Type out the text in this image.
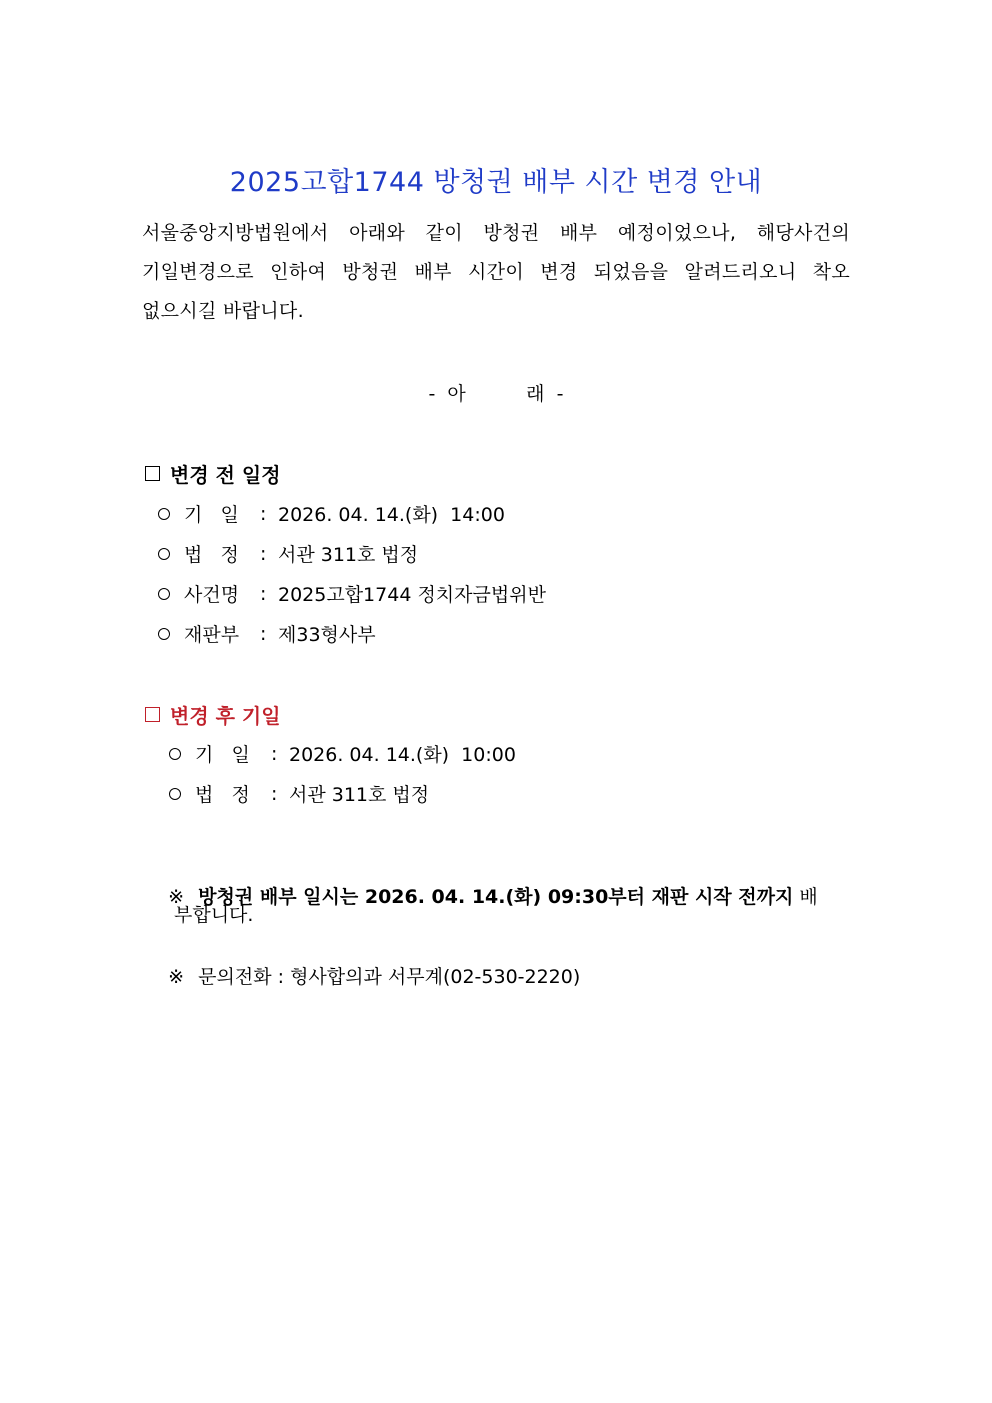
2025고합1744 방청권 배부 시간 변경 안내
서울중앙지방법원에서 아래와 같이 방청권 배부 예정이었으나, 해당사건의
기일변경으로 인하여 방청권 배부 시간이 변경 되었음을 알려드리오니 착오
없으시길 바랍니다.
-  아          래  -
변경 전 일정
기   일	: 2026. 04. 14.(화)  14:00
법   정	: 서관 311호 법정
사건명	: 2025고합1744 정치자금법위반
재판부	: 제33형사부
변경 후 기일
기   일	: 2026. 04. 14.(화)  10:00
법   정	: 서관 311호 법정

※ 방청권 배부 일시는 2026. 04. 14.(화) 09:30부터 재판 시작 전까지 배

부합니다.

※ 문의전화 : 형사합의과 서무계(02-530-2220)
